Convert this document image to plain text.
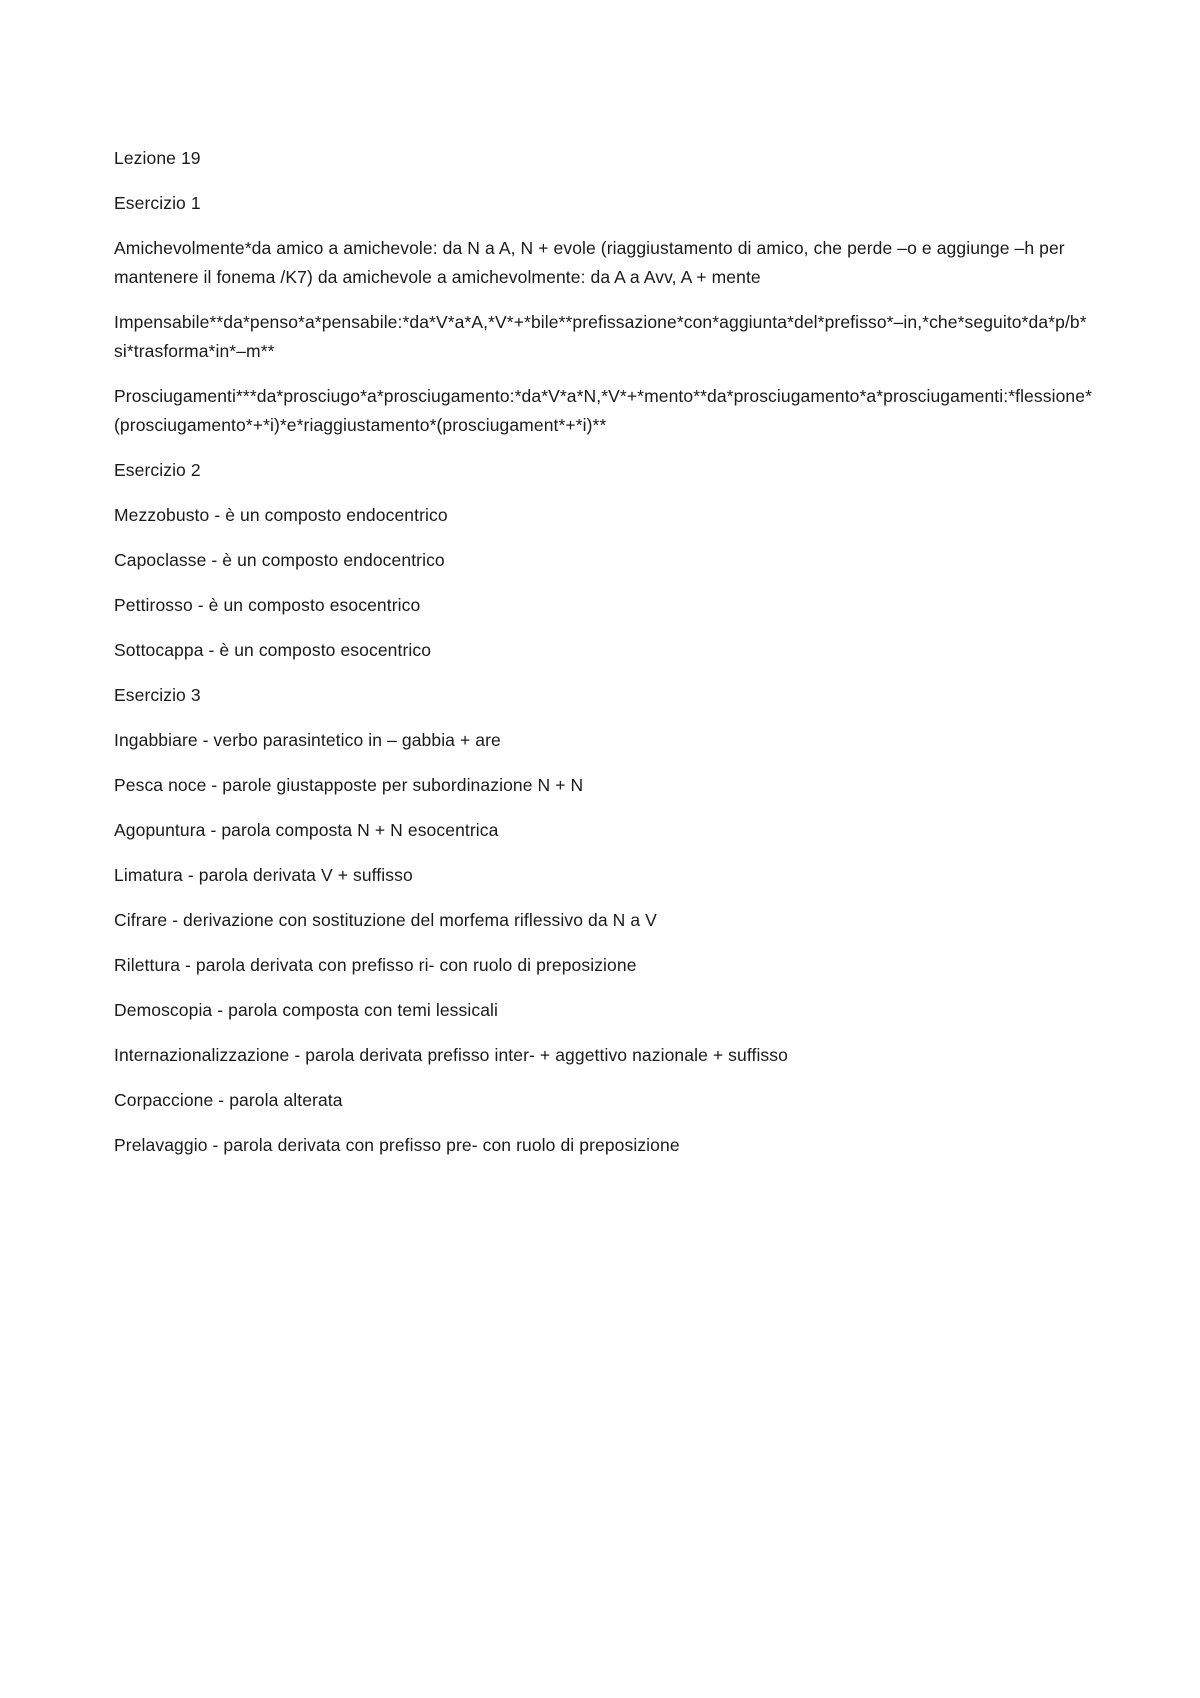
Lezione 19

Esercizio 1

Amichevolmente*da amico a amichevole: da N a A, N + evole (riaggiustamento di amico, che perde –o e aggiunge –h per mantenere il fonema /K7) da amichevole a amichevolmente: da A a Avv, A + mente

Impensabile**da*penso*a*pensabile:*da*V*a*A,*V*+*bile**prefissazione*con*aggiunta*del*prefisso*–in,*che*seguito*da*p/b*si*trasforma*in*–m**

Prosciugamenti***da*prosciugo*a*prosciugamento:*da*V*a*N,*V*+*mento**da*prosciugamento*a*prosciugamenti:*flessione*(prosciugamento*+*i)*e*riaggiustamento*(prosciugament*+*i)**

Esercizio 2

Mezzobusto - è un composto endocentrico

Capoclasse - è un composto endocentrico

Pettirosso - è un composto esocentrico

Sottocappa - è un composto esocentrico

Esercizio 3

Ingabbiare - verbo parasintetico in – gabbia + are

Pesca noce - parole giustapposte per subordinazione N + N

Agopuntura - parola composta N + N esocentrica

Limatura - parola derivata V + suffisso

Cifrare - derivazione con sostituzione del morfema riflessivo da N a V

Rilettura - parola derivata con prefisso ri- con ruolo di preposizione

Demoscopia - parola composta con temi lessicali

Internazionalizzazione - parola derivata prefisso inter- + aggettivo nazionale + suffisso

Corpaccione - parola alterata

Prelavaggio - parola derivata con prefisso pre- con ruolo di preposizione
